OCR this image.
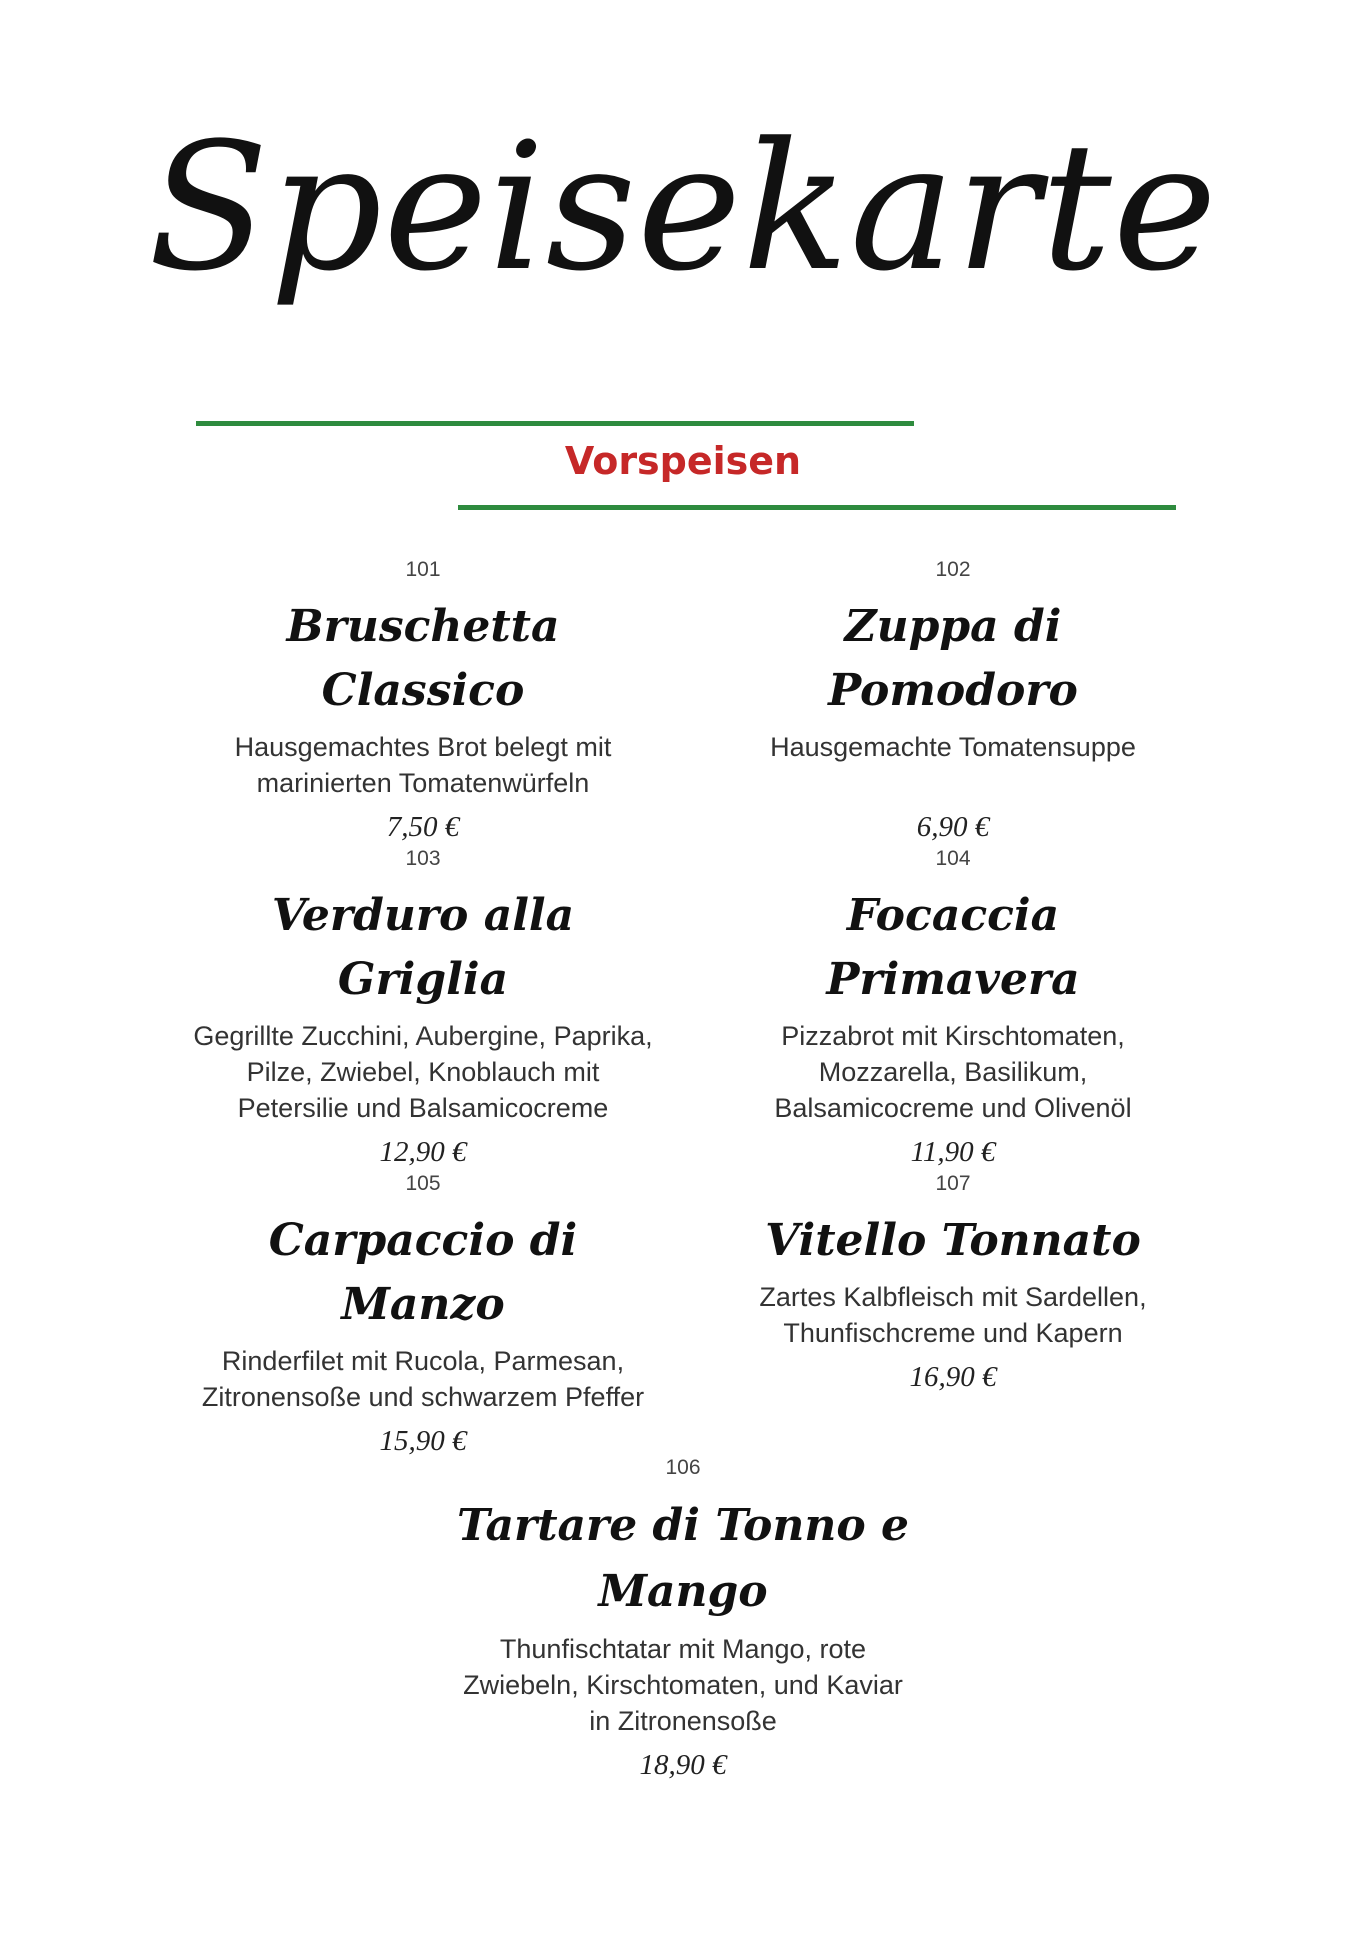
Speisekarte
Vorspeisen
101
Bruschetta Classico
Hausgemachtes Brot belegt mit marinierten Tomatenwürfeln
7,50 €
102
Zuppa di Pomodoro
Hausgemachte Tomatensuppe
6,90 €
103
Verduro alla Griglia
Gegrillte Zucchini, Aubergine, Paprika, Pilze, Zwiebel, Knoblauch mit Petersilie und Balsamicocreme
12,90 €
104
Focaccia Primavera
Pizzabrot mit Kirschtomaten, Mozzarella, Basilikum, Balsamicocreme und Olivenöl
11,90 €
105
Carpaccio di Manzo
Rinderfilet mit Rucola, Parmesan, Zitronensoße und schwarzem Pfeffer
15,90 €
107
Vitello Tonnato
Zartes Kalbfleisch mit Sardellen, Thunfischcreme und Kapern
16,90 €
106
Tartare di Tonno e Mango
Thunfischtatar mit Mango, rote Zwiebeln, Kirschtomaten, und Kaviar in Zitronensoße
18,90 €
